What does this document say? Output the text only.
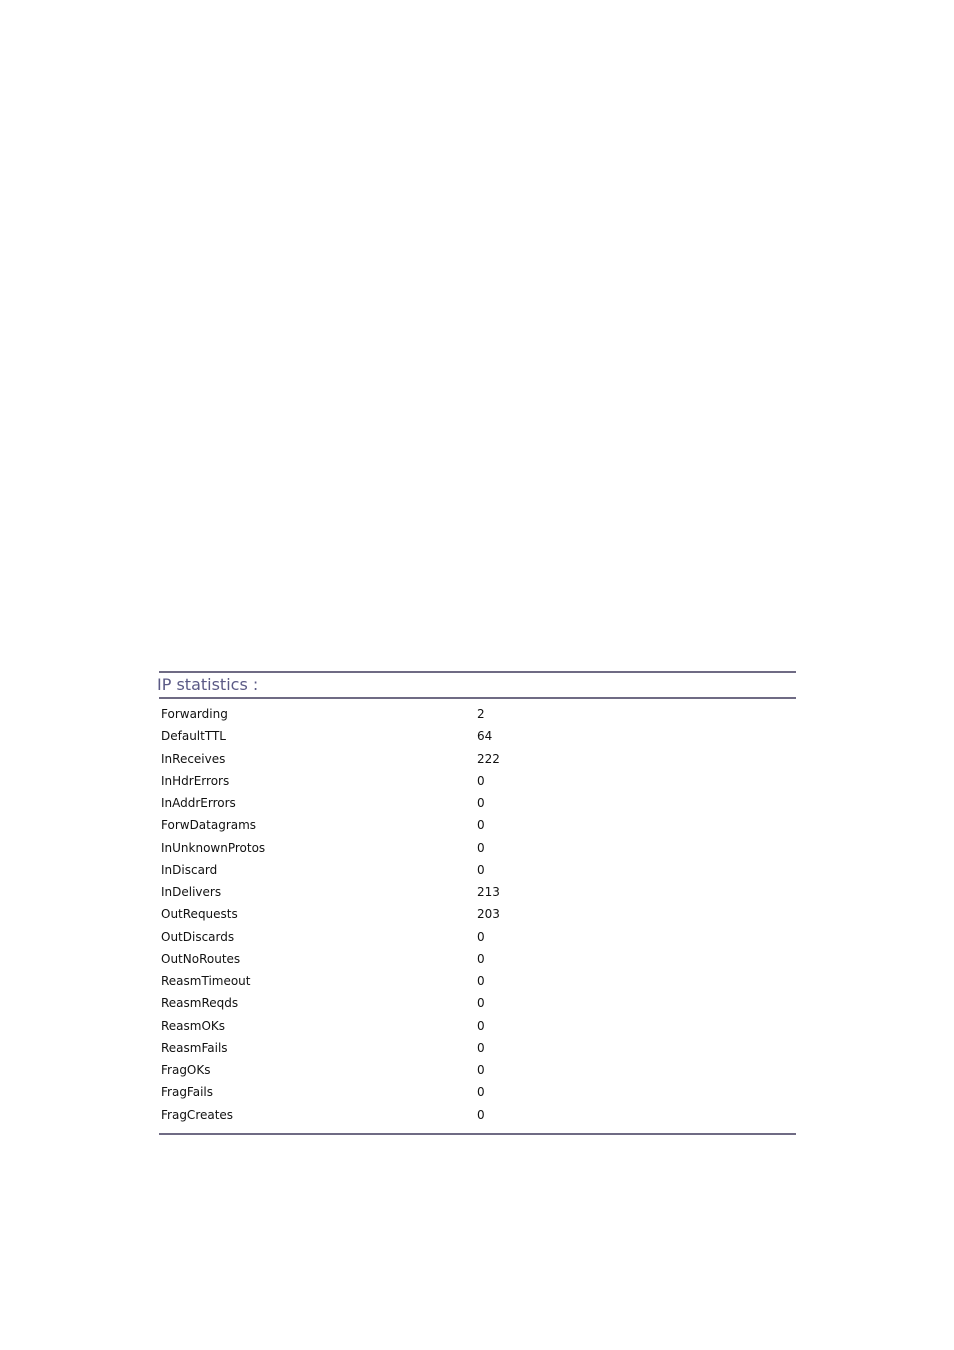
IP statistics :
Forwarding	2
DefaultTTL	64
InReceives	222
InHdrErrors	0
InAddrErrors	0
ForwDatagrams	0
InUnknownProtos	0
InDiscard	0
InDelivers	213
OutRequests	203
OutDiscards	0
OutNoRoutes	0
ReasmTimeout	0
ReasmReqds	0
ReasmOKs	0
ReasmFails	0
FragOKs	0
FragFails	0
FragCreates	0
